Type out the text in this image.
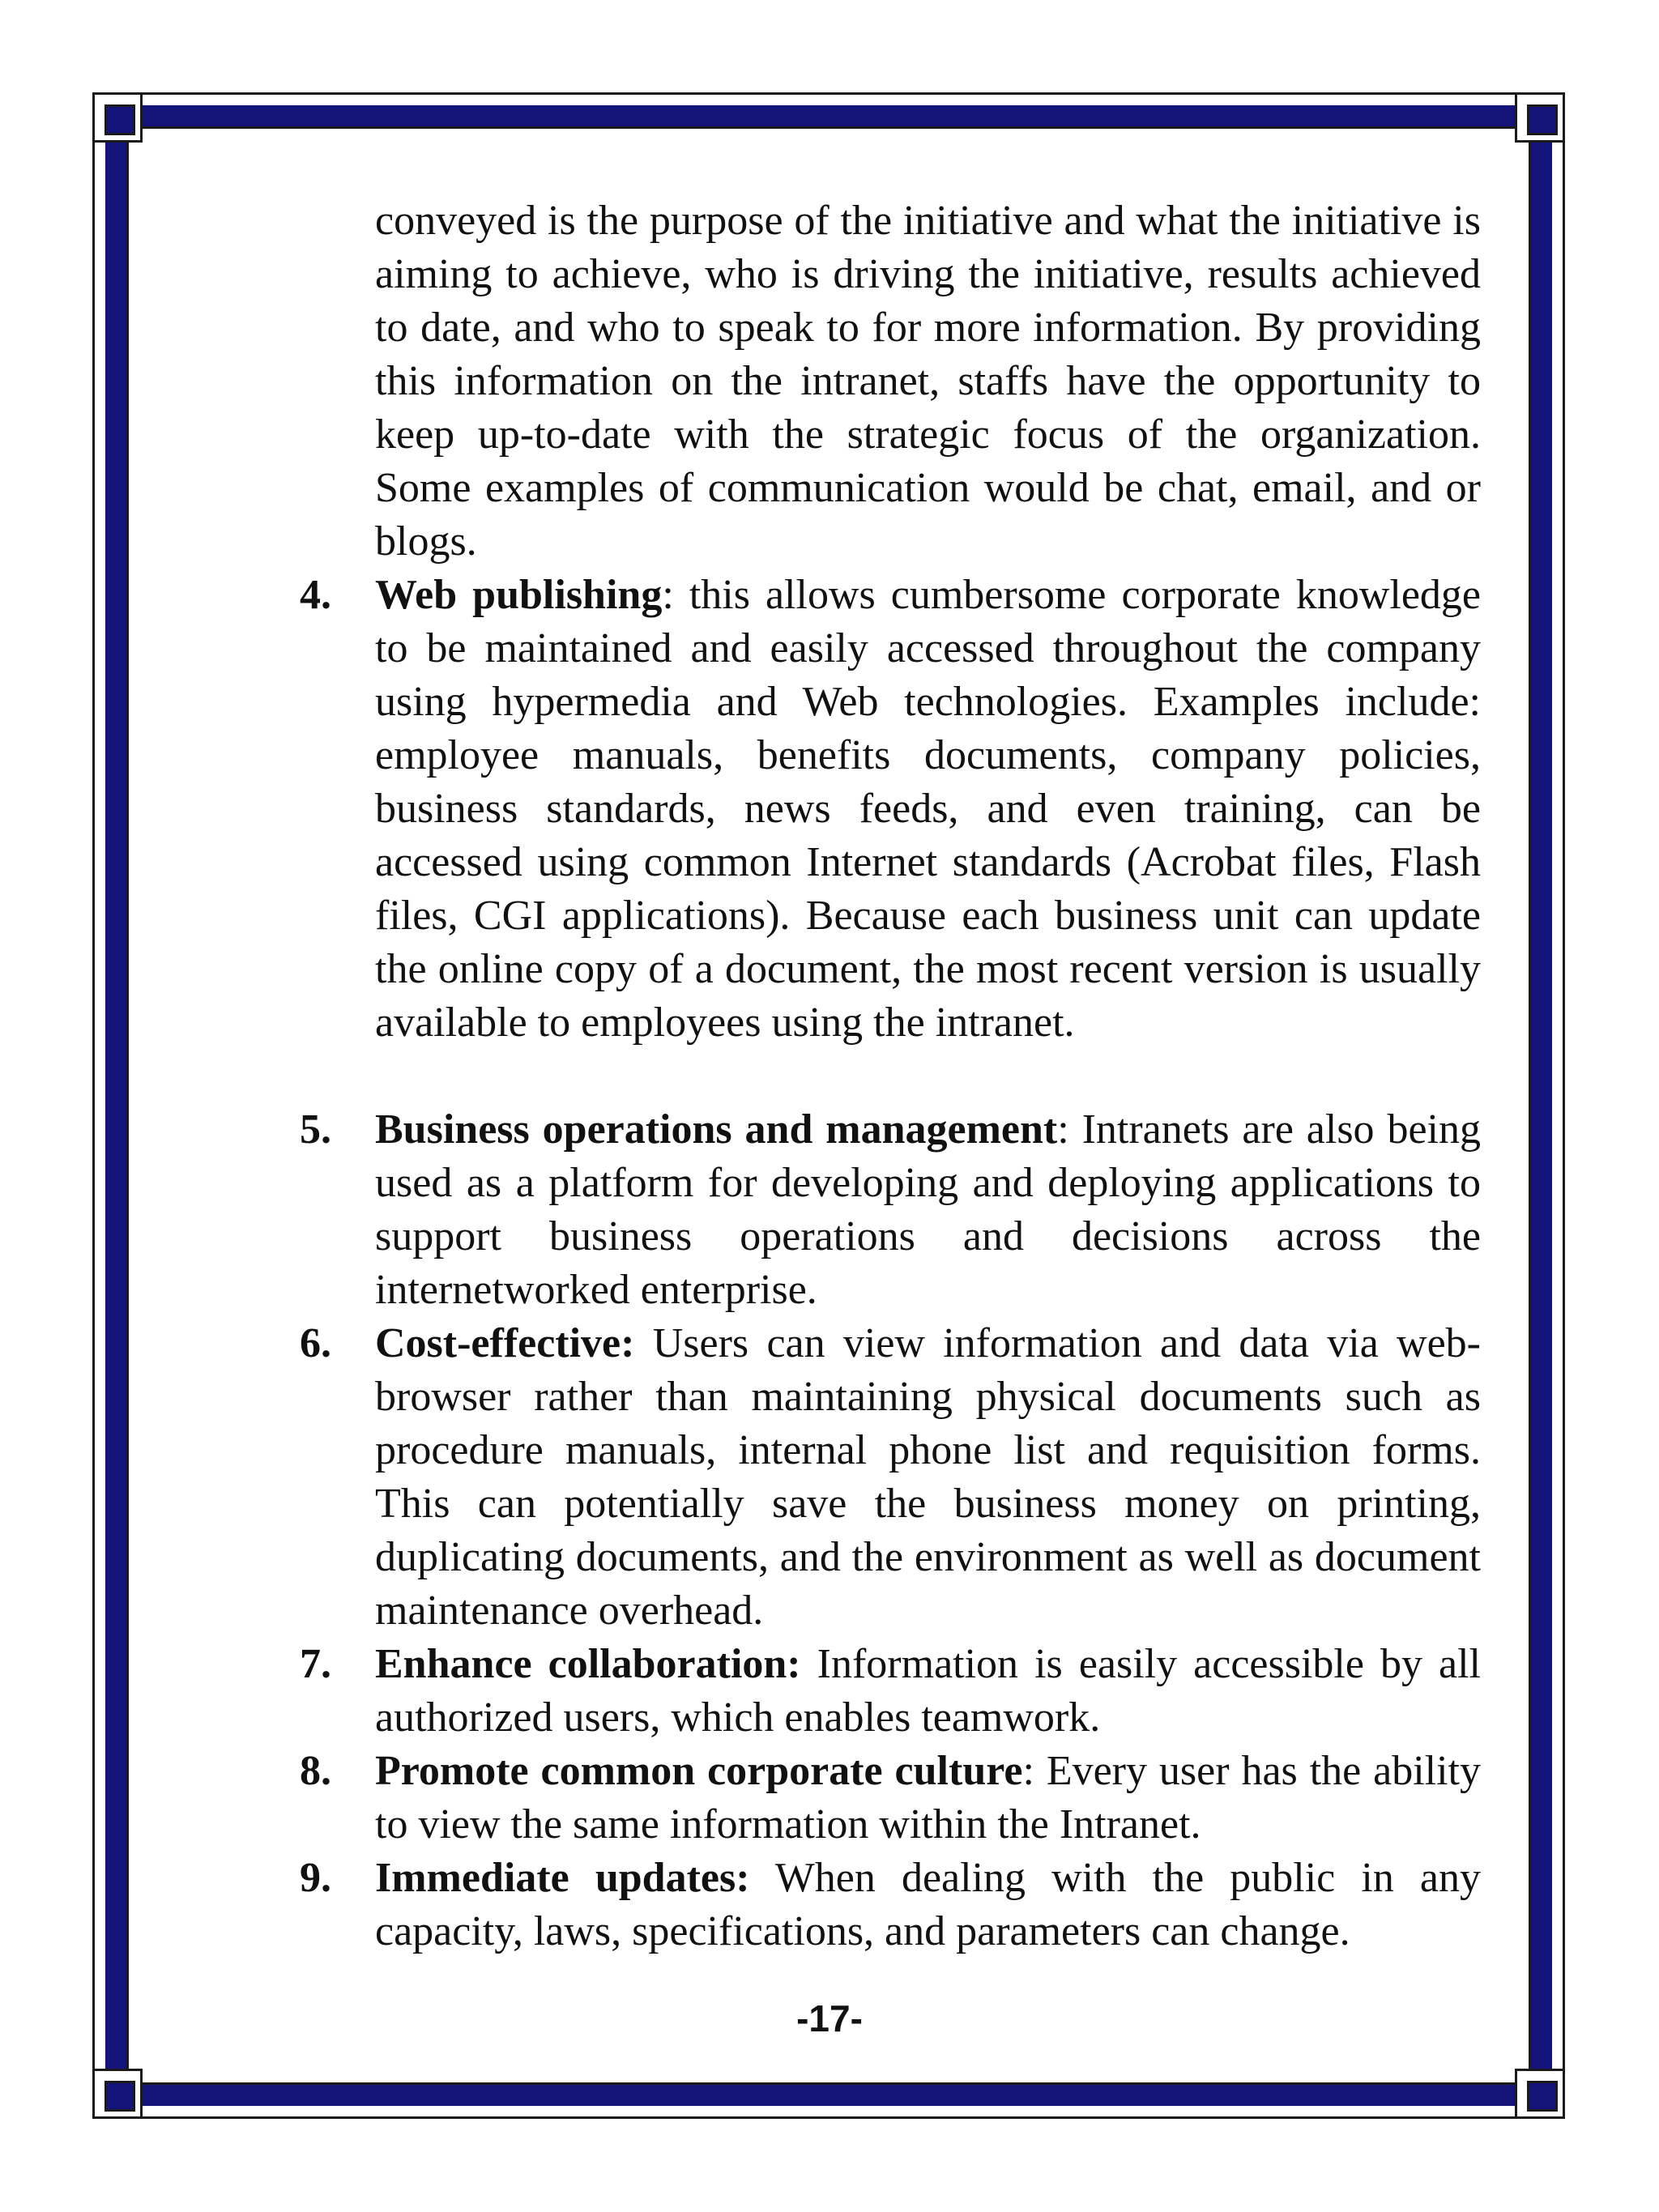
conveyed is the purpose of the initiative and what the initiative is aiming to achieve, who is driving the initiative, results achieved to date, and who to speak to for more information. By providing this information on the intranet, staffs have the opportunity to keep up-to-date with the strategic focus of the organization. Some examples of communication would be chat, email, and or blogs.
4.	Web publishing: this allows cumbersome corporate knowledge to be maintained and easily accessed throughout the company using hypermedia and Web technologies. Examples include: employee manuals, benefits documents, company policies, business standards, news feeds, and even training, can be accessed using common Internet standards (Acrobat files, Flash files, CGI applications). Because each business unit can update the online copy of a document, the most recent version is usually available to employees using the intranet.
5.	Business operations and management: Intranets are also being used as a platform for developing and deploying applications to support business operations and decisions across the internetworked enterprise.
6.	Cost-effective: Users can view information and data via web-browser rather than maintaining physical documents such as procedure manuals, internal phone list and requisition forms. This can potentially save the business money on printing, duplicating documents, and the environment as well as document maintenance overhead.
7.	Enhance collaboration: Information is easily accessible by all authorized users, which enables teamwork.
8.	Promote common corporate culture: Every user has the ability to view the same information within the Intranet.
9.	Immediate updates: When dealing with the public in any capacity, laws, specifications, and parameters can change.
-17-
